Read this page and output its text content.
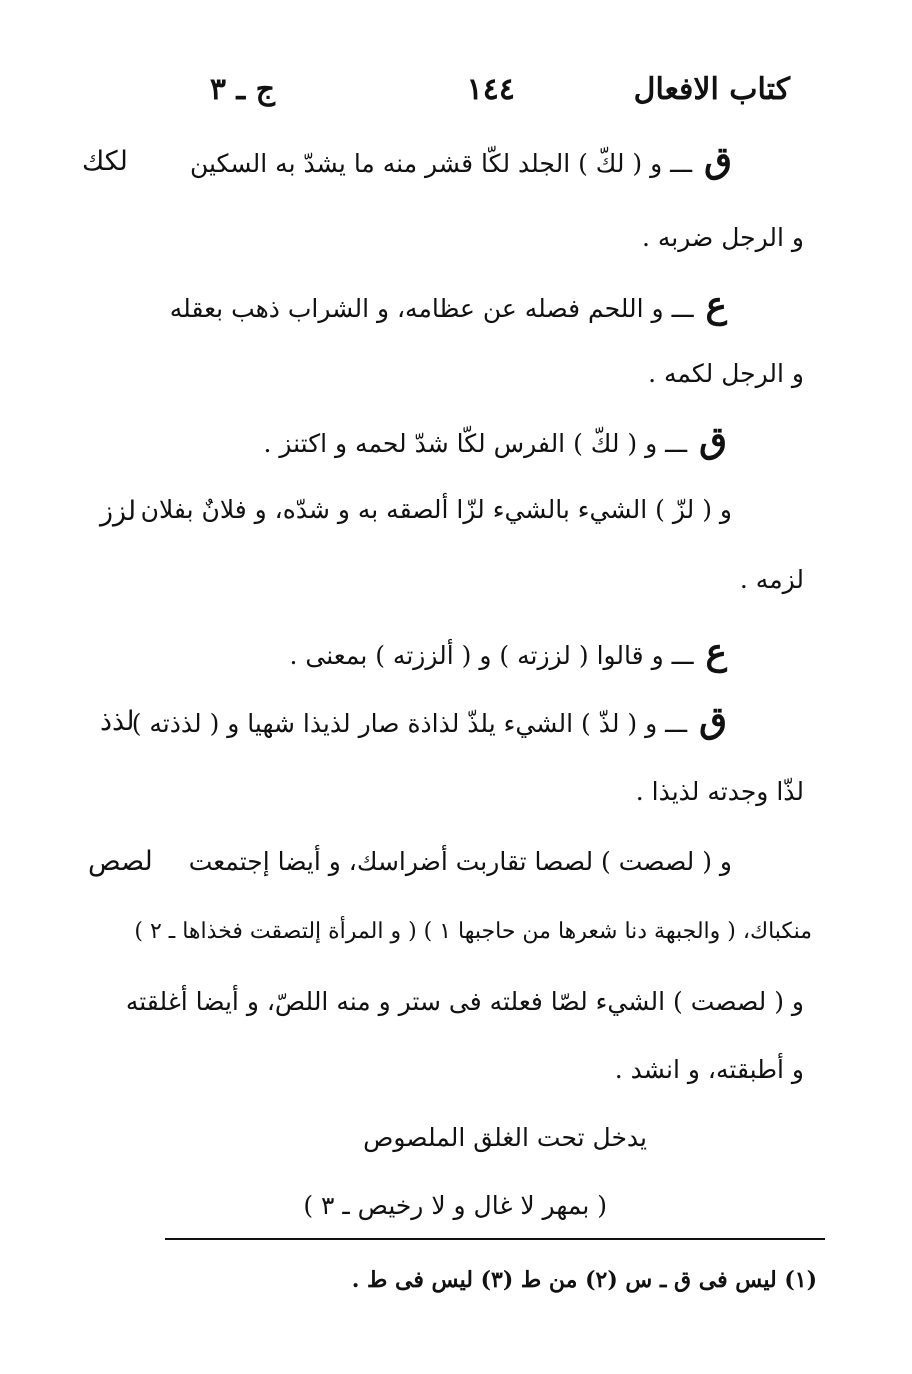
كتاب الافعال
١٤٤
ج ـ ٣
لكك
لزز
لذذ
لصص
ق ـــ و ( لكّ ) الجلد لكّا قشر منه ما يشدّ به السكين
و الرجل ضربه .
ع ـــ و اللحم فصله عن عظامه، و الشراب ذهب بعقله
و الرجل لكمه .
ق ـــ و ( لكّ ) الفرس لكّا شدّ لحمه و اكتنز .
و ( لزّ ) الشيء بالشيء لزّا ألصقه به و شدّه، و فلانٌ بفلان
لزمه .
ع ـــ و قالوا ( لززته ) و ( ألززته ) بمعنى .
ق ـــ و ( لذّ ) الشيء يلذّ لذاذة صار لذيذا شهيا و ( لذذته )
لذّا وجدته لذيذا .
و ( لصصت ) لصصا تقاربت أضراسك، و أيضا إجتمعت
منكباك، ( والجبهة دنا شعرها من حاجبها ١ ) ( و المرأة إلتصقت فخذاها ـ ٢ )
و ( لصصت ) الشيء لصّا فعلته فى ستر و منه اللصّ، و أيضا أغلقته
و أطبقته، و انشد .
يدخل تحت الغلق الملصوص
( بمهر لا غال و لا رخيص ـ ٣ )
(١) ليس فى ق ـ س (٢) من ط (٣) ليس فى ط .
